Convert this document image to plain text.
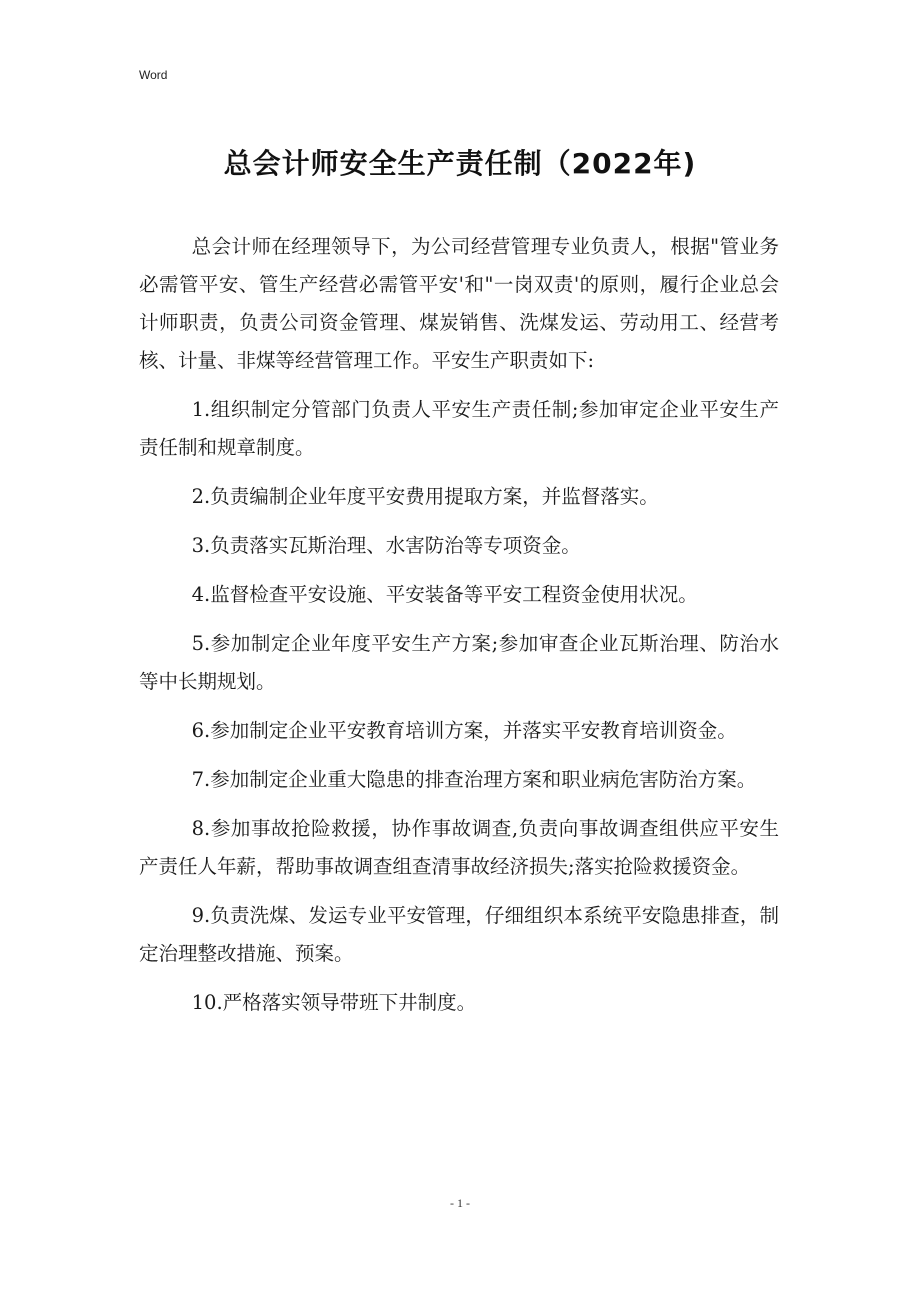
Word
总会计师安全生产责任制（2022年)

总会计师在经理领导下，为公司经营管理专业负责人，根据"管业务必需管平安、管生产经营必需管平安'和"一岗双责'的原则，履行企业总会计师职责，负责公司资金管理、煤炭销售、洗煤发运、劳动用工、经营考核、计量、非煤等经营管理工作。平安生产职责如下:

1.组织制定分管部门负责人平安生产责任制;参加审定企业平安生产责任制和规章制度。

2.负责编制企业年度平安费用提取方案，并监督落实。

3.负责落实瓦斯治理、水害防治等专项资金。

4.监督检查平安设施、平安装备等平安工程资金使用状况。

5.参加制定企业年度平安生产方案;参加审查企业瓦斯治理、防治水等中长期规划。

6.参加制定企业平安教育培训方案，并落实平安教育培训资金。

7.参加制定企业重大隐患的排查治理方案和职业病危害防治方案。

8.参加事故抢险救援，协作事故调查,负责向事故调查组供应平安生产责任人年薪，帮助事故调查组查清事故经济损失;落实抢险救援资金。

9.负责洗煤、发运专业平安管理，仔细组织本系统平安隐患排查，制定治理整改措施、预案。

10.严格落实领导带班下井制度。

- 1 -
